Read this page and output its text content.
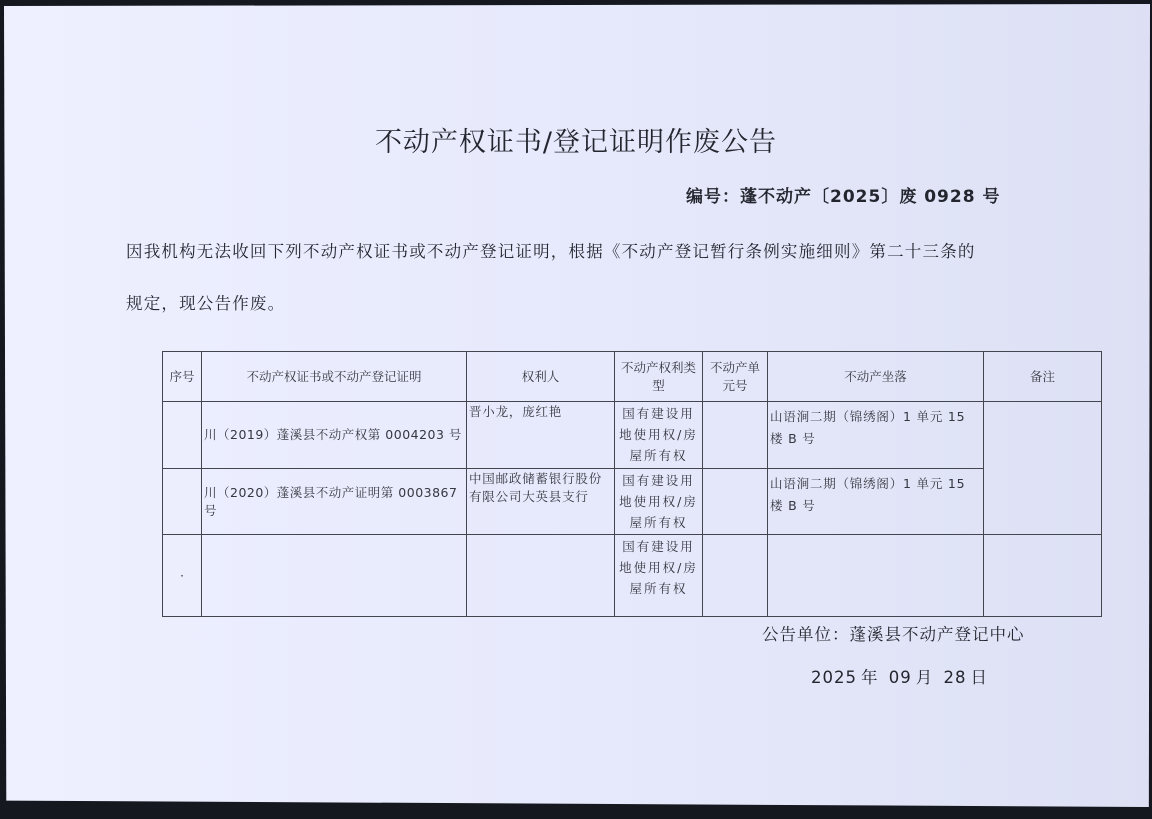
不动产权证书/登记证明作废公告
编号：蓬不动产〔2025〕废 0928 号
因我机构无法收回下列不动产权证书或不动产登记证明，根据《不动产登记暂行条例实施细则》第二十三条的
规定，现公告作废。
序号	不动产权证书或不动产登记证明	权利人	不动产权利类型	不动产单元号	不动产坐落	备注
	川（2019）蓬溪县不动产权第 0004203 号	晋小龙，庞红艳	国有建设用地使用权/房屋所有权		山语涧二期（锦绣阁）1 单元 15 楼 B 号	
	川（2020）蓬溪县不动产证明第 0003867 号	中国邮政储蓄银行股份有限公司大英县支行	国有建设用地使用权/房屋所有权		山语涧二期（锦绣阁）1 单元 15 楼 B 号	
·			国有建设用地使用权/房屋所有权			
公告单位：蓬溪县不动产登记中心
2025 年 09 月 28 日
